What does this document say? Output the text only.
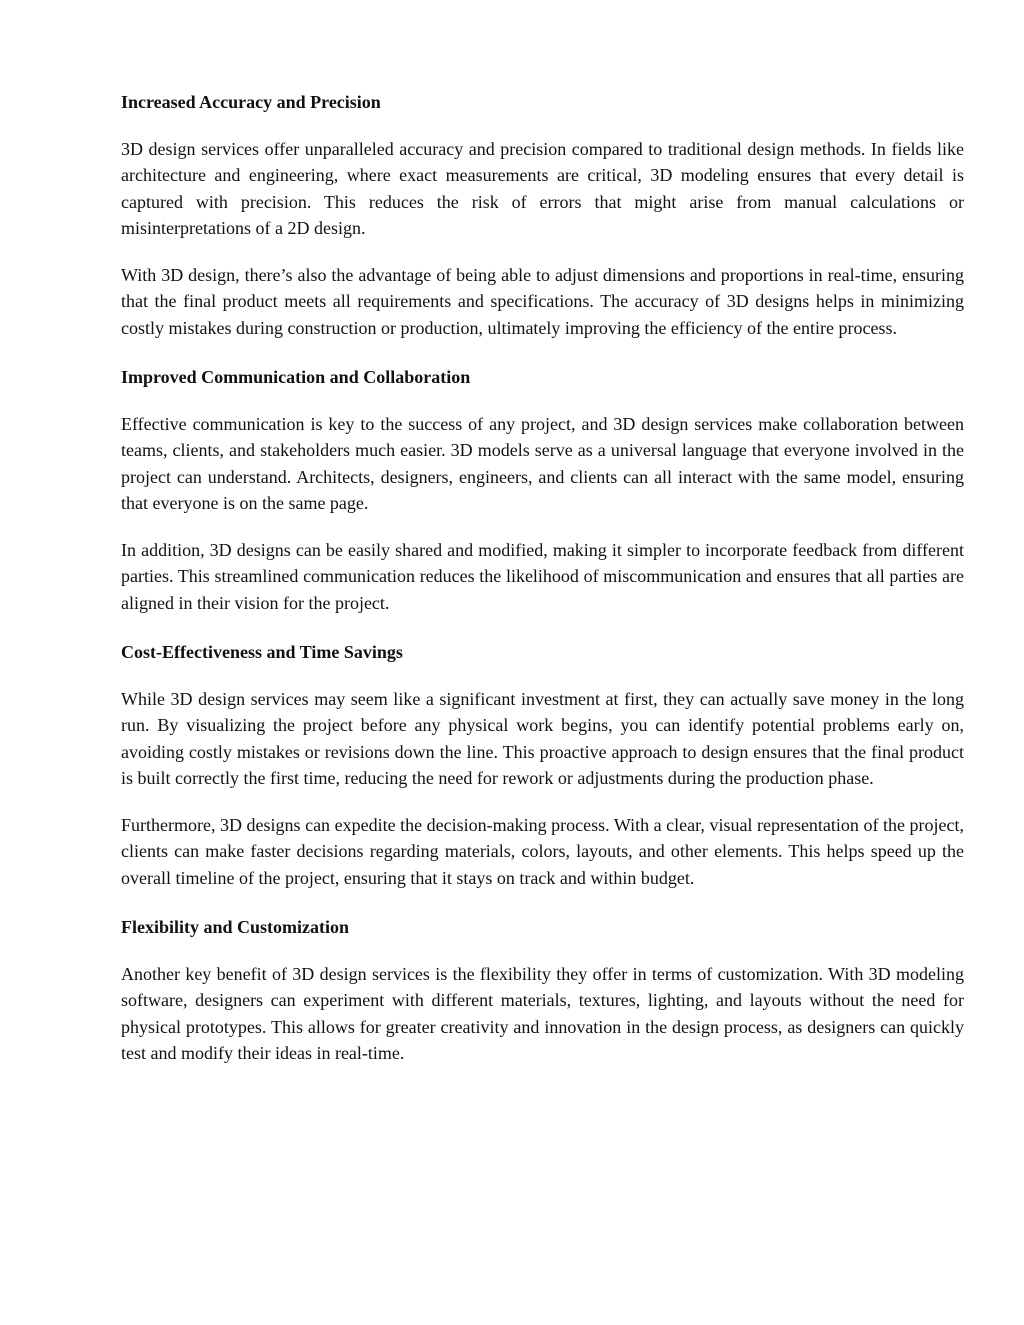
Increased Accuracy and Precision

3D design services offer unparalleled accuracy and precision compared to traditional design methods. In fields like architecture and engineering, where exact measurements are critical, 3D modeling ensures that every detail is captured with precision. This reduces the risk of errors that might arise from manual calculations or misinterpretations of a 2D design.

With 3D design, there’s also the advantage of being able to adjust dimensions and proportions in real-time, ensuring that the final product meets all requirements and specifications. The accuracy of 3D designs helps in minimizing costly mistakes during construction or production, ultimately improving the efficiency of the entire process.

Improved Communication and Collaboration

Effective communication is key to the success of any project, and 3D design services make collaboration between teams, clients, and stakeholders much easier. 3D models serve as a universal language that everyone involved in the project can understand. Architects, designers, engineers, and clients can all interact with the same model, ensuring that everyone is on the same page.

In addition, 3D designs can be easily shared and modified, making it simpler to incorporate feedback from different parties. This streamlined communication reduces the likelihood of miscommunication and ensures that all parties are aligned in their vision for the project.

Cost-Effectiveness and Time Savings

While 3D design services may seem like a significant investment at first, they can actually save money in the long run. By visualizing the project before any physical work begins, you can identify potential problems early on, avoiding costly mistakes or revisions down the line. This proactive approach to design ensures that the final product is built correctly the first time, reducing the need for rework or adjustments during the production phase.

Furthermore, 3D designs can expedite the decision-making process. With a clear, visual representation of the project, clients can make faster decisions regarding materials, colors, layouts, and other elements. This helps speed up the overall timeline of the project, ensuring that it stays on track and within budget.

Flexibility and Customization

Another key benefit of 3D design services is the flexibility they offer in terms of customization. With 3D modeling software, designers can experiment with different materials, textures, lighting, and layouts without the need for physical prototypes. This allows for greater creativity and innovation in the design process, as designers can quickly test and modify their ideas in real-time.
